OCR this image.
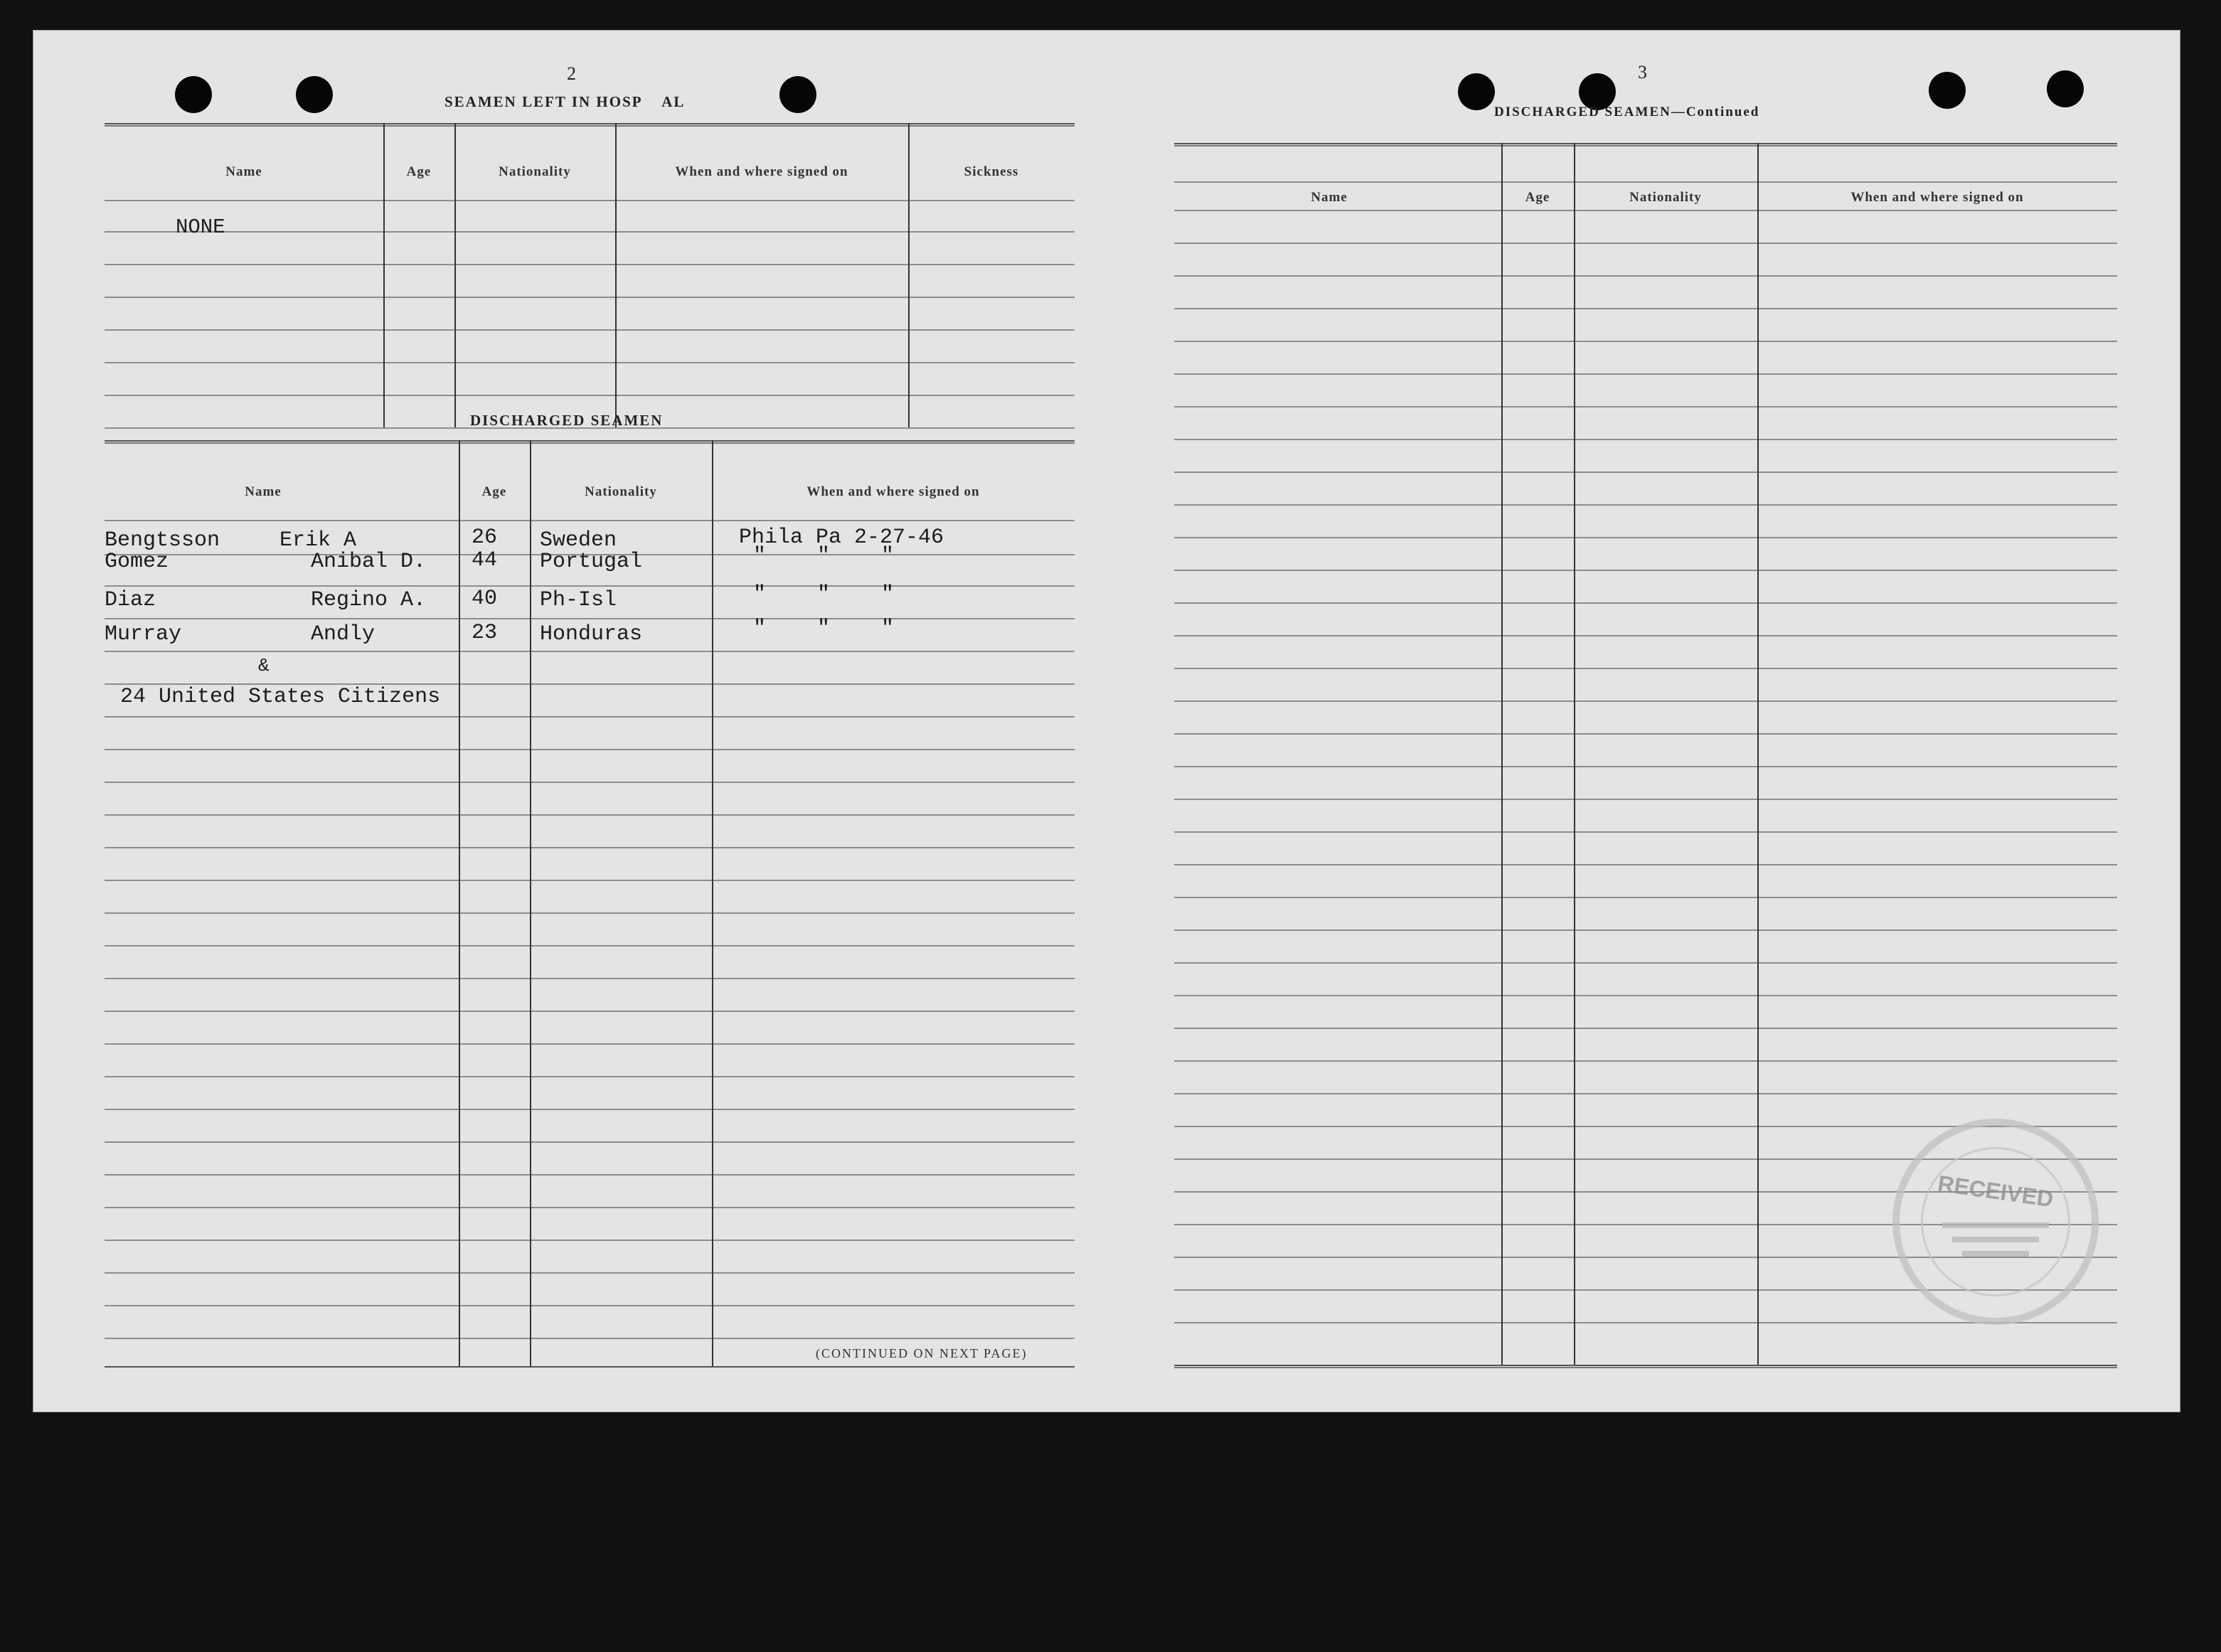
2
SEAMEN LEFT IN HOSP    AL
Name	Age	Nationality	When and where signed on	Sickness
NONE
DISCHARGED SEAMEN
Name	Age	Nationality	When and where signed on
Bengtsson	Erik A	26 Sweden	Phila Pa 2-27-46
Gomez	Anibal D. 44 Portugal	"    "    "
Diaz	Regino A. 40 Ph-Isl	"    "    "
Murray	Andly	23 Honduras	"    "    "
&
24 United States Citizens
(CONTINUED ON NEXT PAGE)
3
DISCHARGED SEAMEN—Continued
Name	Age	Nationality	When and where signed on
RECEIVED
